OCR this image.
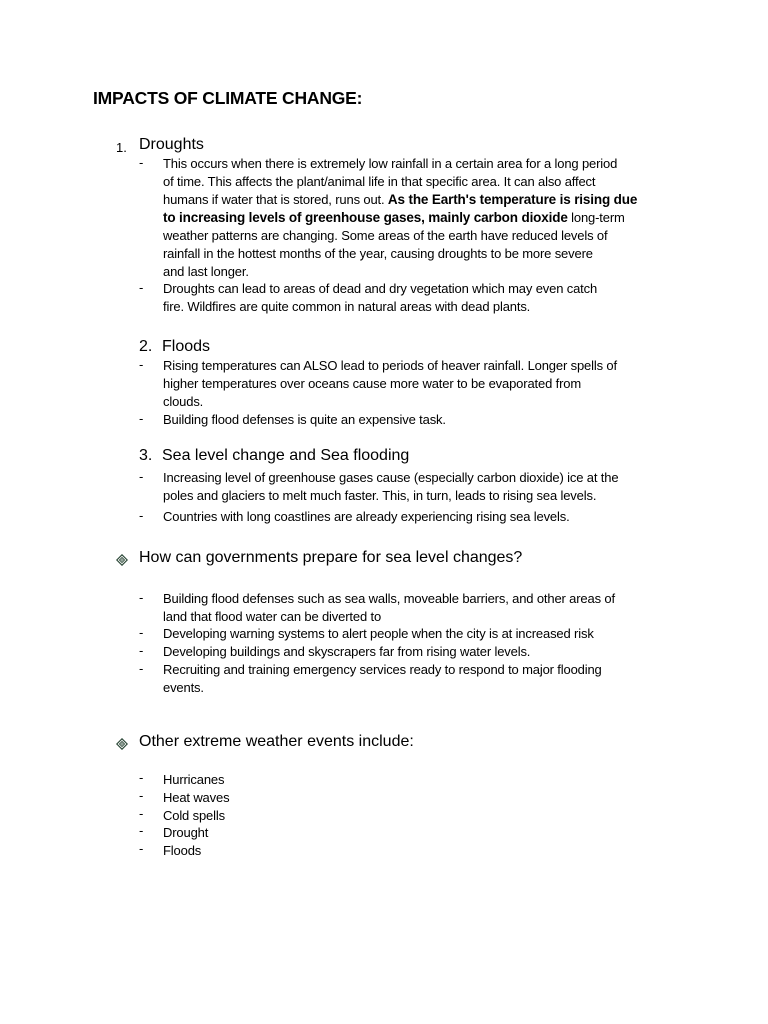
IMPACTS OF CLIMATE CHANGE:
1. Droughts
- This occurs when there is extremely low rainfall in a certain area for a long period
of time. This affects the plant/animal life in that specific area. It can also affect
humans if water that is stored, runs out. As the Earth's temperature is rising due
to increasing levels of greenhouse gases, mainly carbon dioxide long-term
weather patterns are changing. Some areas of the earth have reduced levels of
rainfall in the hottest months of the year, causing droughts to be more severe
and last longer.
- Droughts can lead to areas of dead and dry vegetation which may even catch
fire. Wildfires are quite common in natural areas with dead plants.
2. Floods
- Rising temperatures can ALSO lead to periods of heaver rainfall. Longer spells of
higher temperatures over oceans cause more water to be evaporated from
clouds.
- Building flood defenses is quite an expensive task.
3. Sea level change and Sea flooding
- Increasing level of greenhouse gases cause (especially carbon dioxide) ice at the
poles and glaciers to melt much faster. This, in turn, leads to rising sea levels.
- Countries with long coastlines are already experiencing rising sea levels.
How can governments prepare for sea level changes?
- Building flood defenses such as sea walls, moveable barriers, and other areas of
land that flood water can be diverted to
- Developing warning systems to alert people when the city is at increased risk
- Developing buildings and skyscrapers far from rising water levels.
- Recruiting and training emergency services ready to respond to major flooding
events.
Other extreme weather events include:
- Hurricanes
- Heat waves
- Cold spells
- Drought
- Floods
